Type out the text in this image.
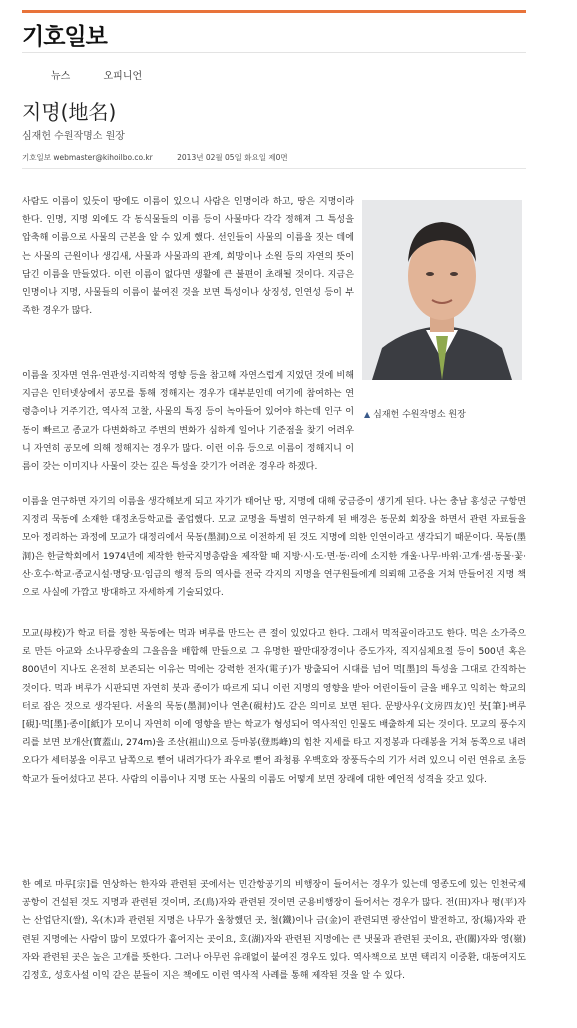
기호일보
뉴스	오피니언
지명(地名)
심재헌 수원작명소 원장
기호일보 webmaster@kihoilbo.co.kr	2013년 02월 05일 화요일 제0면
▲ 심재헌 수원작명소 원장

사람도 이름이 있듯이 땅에도 이름이 있으니 사람은 인명이라 하고, 땅은 지명이라 한다. 인명, 지명 외에도 각 동식물들의 이름 등이 사물마다 각각 정해져 그 특성을 압축해 이름으로 사물의 근본을 알 수 있게 했다. 선인들이 사물의 이름을 짓는 데에는 사물의 근원이나 생김새, 사물과 사물과의 관계, 희망이나 소원 등의 자연의 뜻이 담긴 이름을 만들었다. 이런 이름이 없다면 생활에 큰 불편이 초래될 것이다. 지금은 인명이나 지명, 사물들의 이름이 붙여진 것을 보면 특성이나 상징성, 인연성 등이 부족한 경우가 많다.

이름을 짓자면 연유·연관성·지리학적 영향 등을 참고해 자연스럽게 지었던 것에 비해 지금은 인터넷상에서 공모를 통해 정해지는 경우가 대부분인데 여기에 참여하는 연령층이나 거주기간, 역사적 고찰, 사물의 특징 등이 녹아들어 있어야 하는데 인구 이동이 빠르고 종교가 다변화하고 주변의 변화가 심하게 일어나 기준점을 찾기 어려우니 자연히 공모에 의해 정해지는 경우가 많다. 이런 이유 등으로 이름이 정해지니 이름이 갖는 이미지나 사물이 갖는 깊은 특성을 갖기가 어려운 경우라 하겠다.

이름을 연구하면 자기의 이름을 생각해보게 되고 자기가 태어난 땅, 지명에 대해 궁금증이 생기게 된다. 나는 충남 홍성군 구항면 지정리 묵동에 소재한 대정초등학교를 졸업했다. 모교 교명을 특별히 연구하게 된 배경은 동문회 회장을 하면서 관련 자료들을 모아 정리하는 과정에 모교가 대정리에서 묵동(墨洞)으로 이전하게 된 것도 지명에 의한 인연이라고 생각되기 때문이다. 묵동(墨洞)은 한글학회에서 1974년에 제작한 한국지명총람을 제작할 때 지방·시·도·면·동·리에 소지한 개울·나무·바위·고개·샘·동물·꽃·산·호수·학교·종교시설·명당·묘·임금의 행적 등의 역사를 전국 각지의 지명을 연구원들에게 의뢰해 고증을 거쳐 만들어진 지명 책으로 사실에 가깝고 방대하고 자세하게 기술되었다.

모교(母校)가 학교 터를 정한 묵동에는 먹과 벼루를 만드는 큰 절이 있었다고 한다. 그래서 먹적골이라고도 한다. 먹은 소가죽으로 만든 아교와 소나무광솔의 그을음을 배합해 만들으로 그 유명한 팔만대장경이나 증도가자, 직지심체요절 등이 500년 혹은 800년이 지나도 온전히 보존되는 이유는 먹에는 강력한 전자(電子)가 방출되어 시대를 넘어 먹[墨]의 특성을 그대로 간직하는 것이다. 먹과 벼루가 시판되면 자연히 붓과 종이가 따르게 되니 이런 지명의 영향을 받아 어린이들이 글을 배우고 익히는 학교의 터로 잡은 것으로 생각된다. 서울의 묵동(墨洞)이나 연촌(硯村)도 같은 의미로 보면 된다. 문방사우(文房四友)인 붓[筆]·벼루[硯]·먹[墨]·종이[紙]가 모이니 자연히 이에 영향을 받는 학교가 형성되어 역사적인 인물도 배출하게 되는 것이다. 모교의 풍수지리를 보면 보개산(寶蓋山, 274m)을 조산(祖山)으로 등마봉(登馬峰)의 힘찬 지세를 타고 지정봉과 다래봉을 거쳐 동쪽으로 내려오다가 세터봉을 이루고 남쪽으로 뻗어 내려가다가 좌우로 뻗어 좌청룡 우백호와 장풍득수의 기가 서려 있으니 이런 연유로 초등학교가 들어섰다고 본다. 사람의 이름이나 지명 또는 사물의 이름도 어떻게 보면 장래에 대한 예언적 성격을 갖고 있다.

한 예로 마루[宗]를 연상하는 한자와 관련된 곳에서는 민간항공기의 비행장이 들어서는 경우가 있는데 영종도에 있는 인천국제공항이 건설된 것도 지명과 관련된 것이며, 조(鳥)자와 관련된 것이면 군용비행장이 들어서는 경우가 많다. 전(田)자나 평(平)자는 산업단지(쌀), 옥(木)과 관련된 지명은 나무가 울창했던 곳, 철(鐵)이나 금(金)이 관련되면 광산업이 발전하고, 장(場)자와 관련된 지명에는 사람이 많이 모였다가 흩어지는 곳이요, 호(湖)자와 관련된 지명에는 큰 냇물과 관련된 곳이요, 관(關)자와 영(嶺)자와 관련된 곳은 높은 고개를 뜻한다. 그러나 아무런 유래없이 붙여진 경우도 있다. 역사책으로 보면 택리지 이중환, 대동여지도 김정호, 성호사설 이익 같은 분들이 지은 책에도 이런 역사적 사례를 통해 제작된 것을 알 수 있다.
